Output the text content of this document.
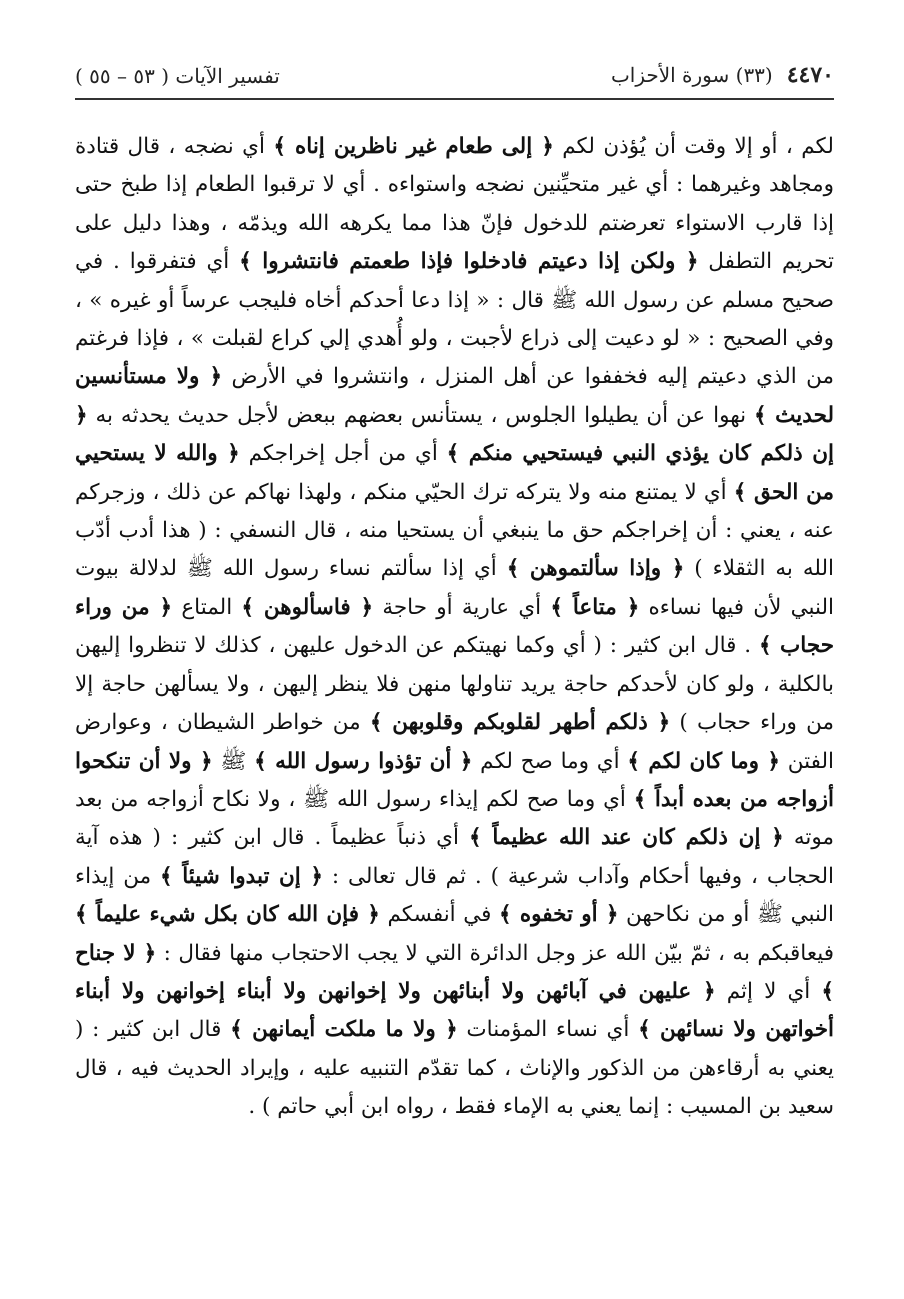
٤٤٧٠
(٣٣) سورة الأحزاب
تفسير الآيات ( ٥٣ – ٥٥ )

لكم ، أو إلا وقت أن يُؤذن لكم ﴿ إلى طعام غير ناظرين إناه ﴾ أي نضجه ، قال قتادة ومجاهد وغيرهما : أي غير متحيِّنين نضجه واستواءه . أي لا ترقبوا الطعام إذا طبخ حتى إذا قارب الاستواء تعرضتم للدخول فإنّ هذا مما يكرهه الله ويذمّه ، وهذا دليل على تحريم التطفل ﴿ ولكن إذا دعيتم فادخلوا فإذا طعمتم فانتشروا ﴾ أي فتفرقوا . في صحيح مسلم عن رسول الله ﷺ قال : « إذا دعا أحدكم أخاه فليجب عرساً أو غيره » ، وفي الصحيح : « لو دعيت إلى ذراع لأجبت ، ولو أُهدي إلي كراع لقبلت » ، فإذا فرغتم من الذي دعيتم إليه فخففوا عن أهل المنزل ، وانتشروا في الأرض ﴿ ولا مستأنسين لحديث ﴾ نهوا عن أن يطيلوا الجلوس ، يستأنس بعضهم ببعض لأجل حديث يحدثه به ﴿ إن ذلكم كان يؤذي النبي فيستحيي منكم ﴾ أي من أجل إخراجكم ﴿ والله لا يستحيي من الحق ﴾ أي لا يمتنع منه ولا يتركه ترك الحيّي منكم ، ولهذا نهاكم عن ذلك ، وزجركم عنه ، يعني : أن إخراجكم حق ما ينبغي أن يستحيا منه ، قال النسفي : ( هذا أدب أدّب الله به الثقلاء ) ﴿ وإذا سألتموهن ﴾ أي إذا سألتم نساء رسول الله ﷺ لدلالة بيوت النبي لأن فيها نساءه ﴿ متاعاً ﴾ أي عارية أو حاجة ﴿ فاسألوهن ﴾ المتاع ﴿ من وراء حجاب ﴾ . قال ابن كثير : ( أي وكما نهيتكم عن الدخول عليهن ، كذلك لا تنظروا إليهن بالكلية ، ولو كان لأحدكم حاجة يريد تناولها منهن فلا ينظر إليهن ، ولا يسألهن حاجة إلا من وراء حجاب ) ﴿ ذلكم أطهر لقلوبكم وقلوبهن ﴾ من خواطر الشيطان ، وعوارض الفتن ﴿ وما كان لكم ﴾ أي وما صح لكم ﴿ أن تؤذوا رسول الله ﴾ ﷺ ﴿ ولا أن تنكحوا أزواجه من بعده أبداً ﴾ أي وما صح لكم إيذاء رسول الله ﷺ ، ولا نكاح أزواجه من بعد موته ﴿ إن ذلكم كان عند الله عظيماً ﴾ أي ذنباً عظيماً . قال ابن كثير : ( هذه آية الحجاب ، وفيها أحكام وآداب شرعية ) . ثم قال تعالى : ﴿ إن تبدوا شيئاً ﴾ من إيذاء النبي ﷺ أو من نكاحهن ﴿ أو تخفوه ﴾ في أنفسكم ﴿ فإن الله كان بكل شيء عليماً ﴾ فيعاقبكم به ، ثمّ بيّن الله عز وجل الدائرة التي لا يجب الاحتجاب منها فقال : ﴿ لا جناح ﴾ أي لا إثم ﴿ عليهن في آبائهن ولا أبنائهن ولا إخوانهن ولا أبناء إخوانهن ولا أبناء أخواتهن ولا نسائهن ﴾ أي نساء المؤمنات ﴿ ولا ما ملكت أيمانهن ﴾ قال ابن كثير : ( يعني به أرقاءهن من الذكور والإناث ، كما تقدّم التنبيه عليه ، وإيراد الحديث فيه ، قال سعيد بن المسيب : إنما يعني به الإماء فقط ، رواه ابن أبي حاتم ) .
